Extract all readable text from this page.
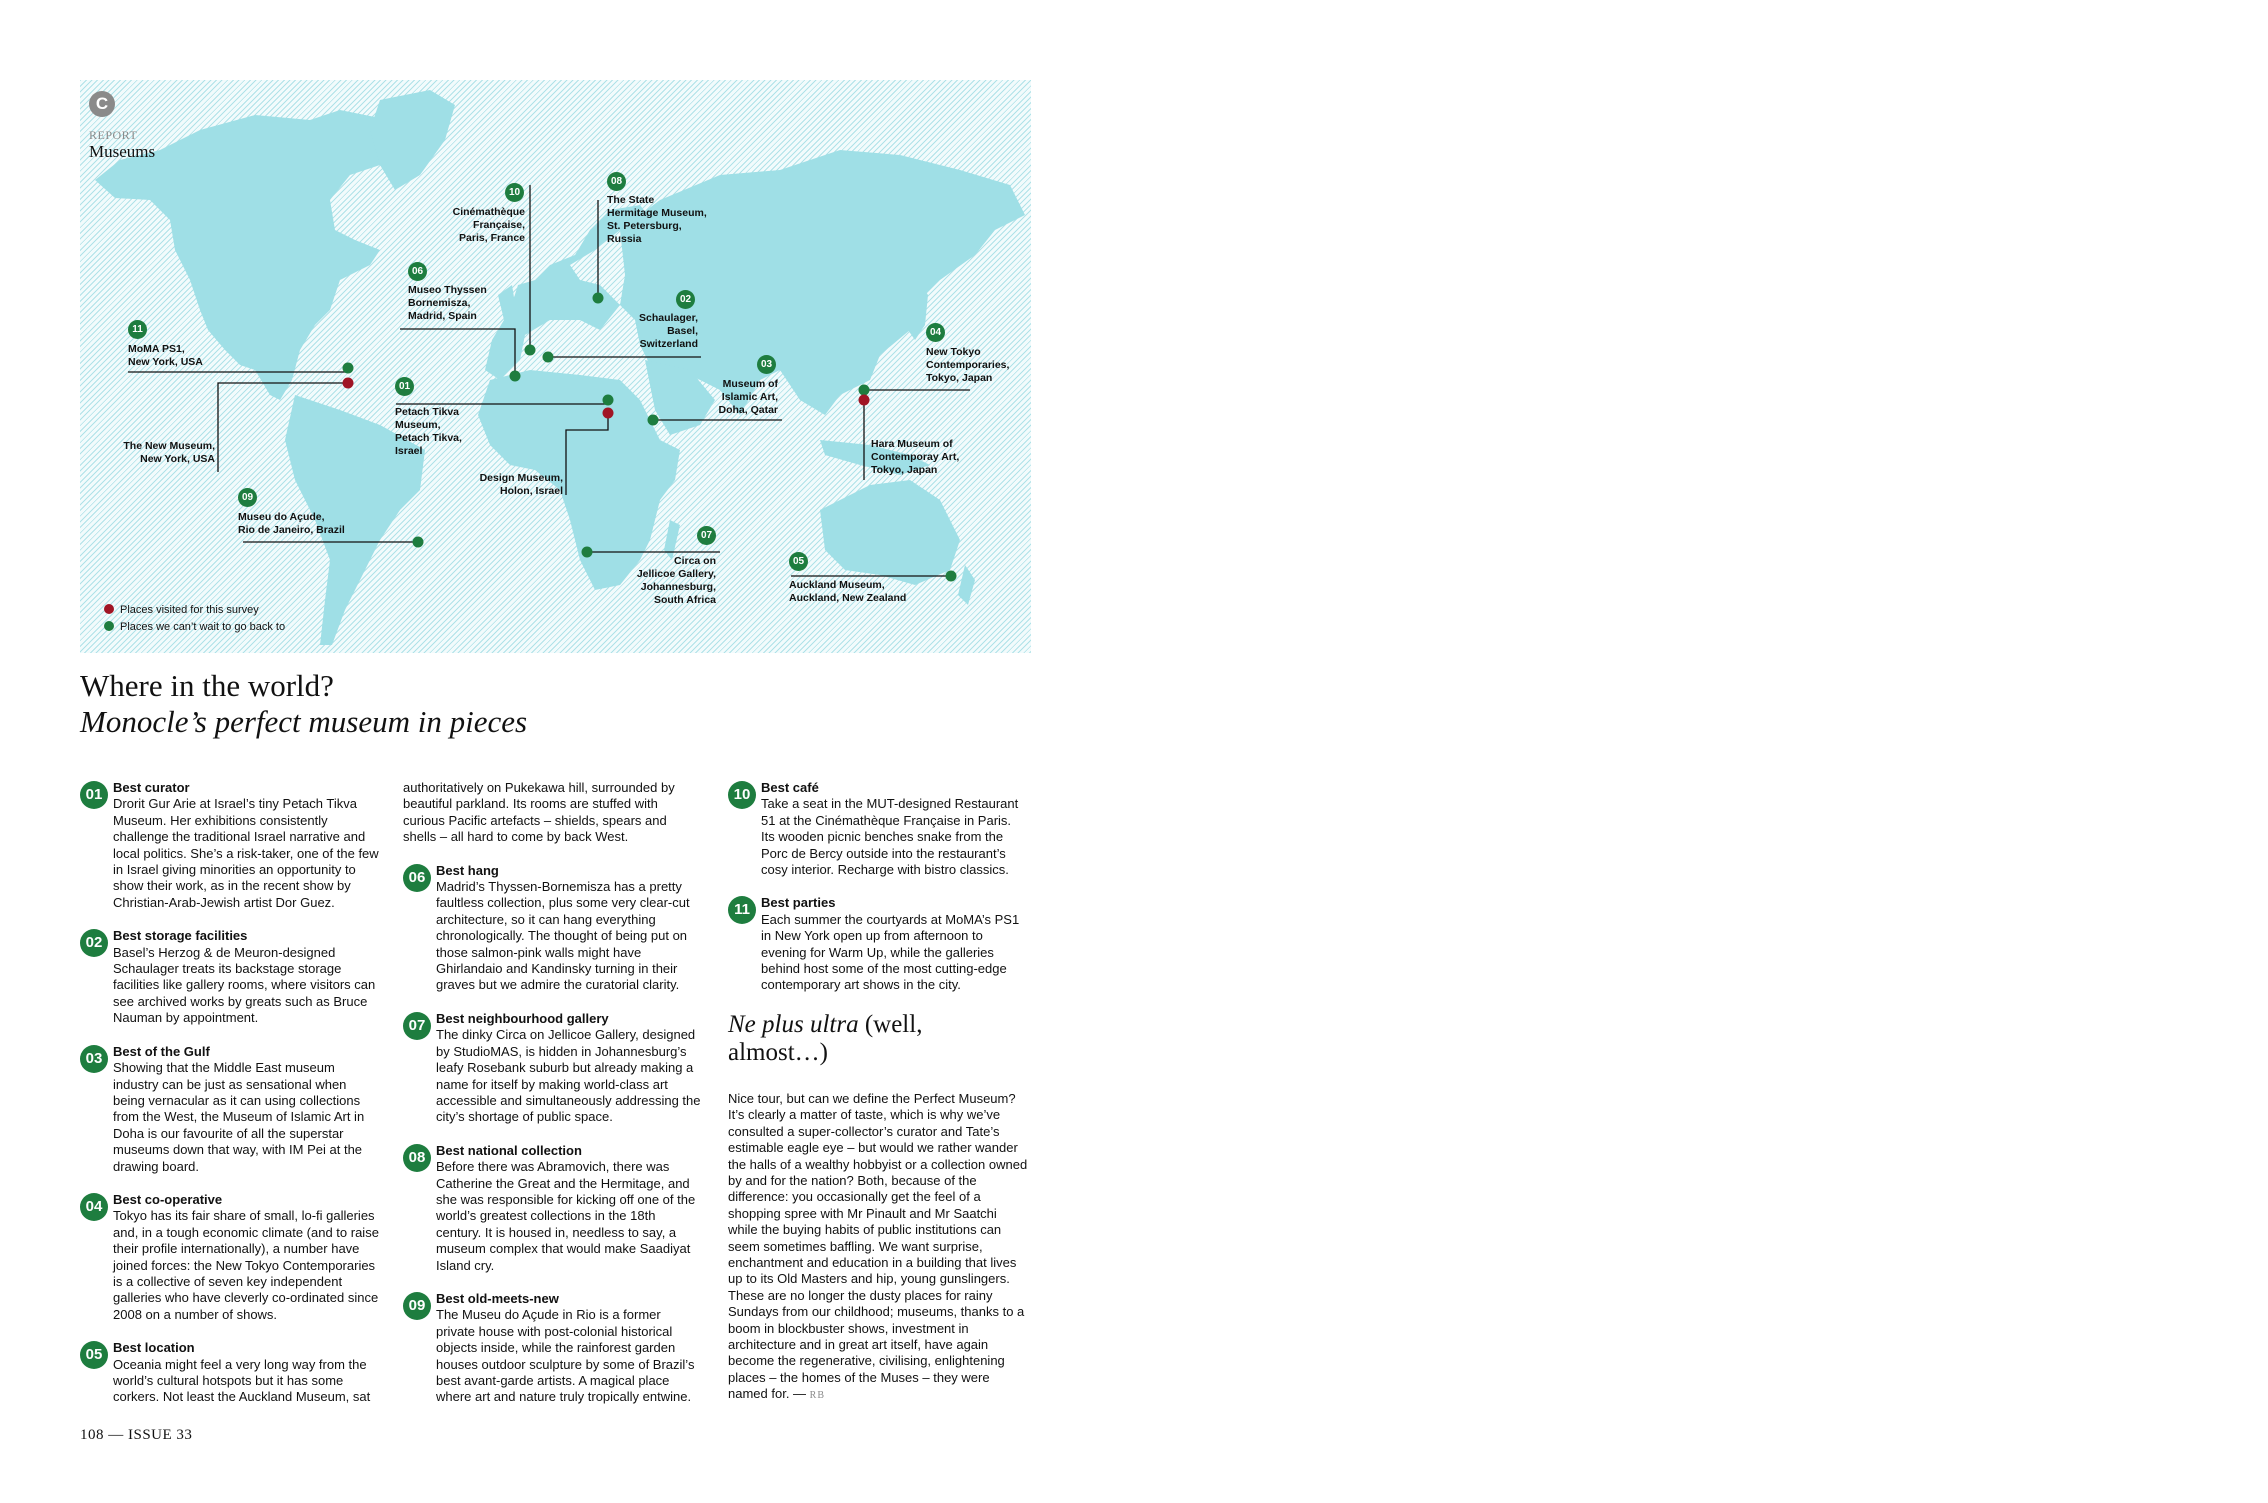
C
REPORT
Museums
11
MoMA PS1,
New York, USA
The New Museum,
New York, USA
10
Cinémathèque
Française,
Paris, France
06
Museo Thyssen
Bornemisza,
Madrid, Spain
08
The State
Hermitage Museum,
St. Petersburg,
Russia
02
Schaulager,
Basel,
Switzerland
01
Petach Tikva
Museum,
Petach Tikva,
Israel
Design Museum,
Holon, Israel
03
Museum of
Islamic Art,
Doha, Qatar
04
New Tokyo
Contemporaries,
Tokyo, Japan
Hara Museum of
Contemporay Art,
Tokyo, Japan
09
Museu do Açude,
Rio de Janeiro, Brazil	07
Circa on
Jellicoe Gallery,
Johannesburg,
South Africa
05
Auckland Museum,
Auckland, New Zealand
Places visited for this survey
Places we can’t wait to go back to
Where in the world?
Monocle’s perfect museum in pieces
01 Best curator
Drorit Gur Arie at Israel’s tiny Petach Tikva Museum. Her exhibitions consistently challenge the traditional Israel narrative and local politics. She’s a risk-taker, one of the few in Israel giving minorities an opportunity to show their work, as in the recent show by Christian-Arab-Jewish artist Dor Guez.
02 Best storage facilities
Basel’s Herzog & de Meuron-designed Schaulager treats its backstage storage facilities like gallery rooms, where visitors can see archived works by greats such as Bruce Nauman by appointment.
03 Best of the Gulf
Showing that the Middle East museum industry can be just as sensational when being vernacular as it can using collections from the West, the Museum of Islamic Art in Doha is our favourite of all the superstar museums down that way, with IM Pei at the drawing board.
04 Best co-operative
Tokyo has its fair share of small, lo-fi galleries and, in a tough economic climate (and to raise their profile internationally), a number have joined forces: the New Tokyo Contemporaries is a collective of seven key independent galleries who have cleverly co-ordinated since 2008 on a number of shows.
05 Best location
Oceania might feel a very long way from the world’s cultural hotspots but it has some corkers. Not least the Auckland Museum, sat
authoritatively on Pukekawa hill, surrounded by beautiful parkland. Its rooms are stuffed with curious Pacific artefacts – shields, spears and shells – all hard to come by back West.
06 Best hang
Madrid’s Thyssen-Bornemisza has a pretty faultless collection, plus some very clear-cut architecture, so it can hang everything chronologically. The thought of being put on those salmon-pink walls might have Ghirlandaio and Kandinsky turning in their graves but we admire the curatorial clarity.
07 Best neighbourhood gallery
The dinky Circa on Jellicoe Gallery, designed by StudioMAS, is hidden in Johannesburg’s leafy Rosebank suburb but already making a name for itself by making world-class art accessible and simultaneously addressing the city’s shortage of public space.
08 Best national collection
Before there was Abramovich, there was Catherine the Great and the Hermitage, and she was responsible for kicking off one of the world’s greatest collections in the 18th century. It is housed in, needless to say, a museum complex that would make Saadiyat Island cry.
09 Best old-meets-new
The Museu do Açude in Rio is a former private house with post-colonial historical objects inside, while the rainforest garden houses outdoor sculpture by some of Brazil’s best avant-garde artists. A magical place where art and nature truly tropically entwine.
10 Best café
Take a seat in the MUT-designed Restaurant 51 at the Cinémathèque Française in Paris. Its wooden picnic benches snake from the Porc de Bercy outside into the restaurant’s cosy interior. Recharge with bistro classics.
11 Best parties
Each summer the courtyards at MoMA’s PS1 in New York open up from afternoon to evening for Warm Up, while the galleries behind host some of the most cutting-edge contemporary art shows in the city.
Ne plus ultra (well, almost…)
Nice tour, but can we define the Perfect Museum? It’s clearly a matter of taste, which is why we’ve consulted a super-collector’s curator and Tate’s estimable eagle eye – but would we rather wander the halls of a wealthy hobbyist or a collection owned by and for the nation? Both, because of the difference: you occasionally get the feel of a shopping spree with Mr Pinault and Mr Saatchi while the buying habits of public institutions can seem sometimes baffling. We want surprise, enchantment and education in a building that lives up to its Old Masters and hip, young gunslingers. These are no longer the dusty places for rainy Sundays from our childhood; museums, thanks to a boom in blockbuster shows, investment in architecture and in great art itself, have again become the regenerative, civilising, enlightening places – the homes of the Muses – they were named for. — RB
108 — ISSUE 33
